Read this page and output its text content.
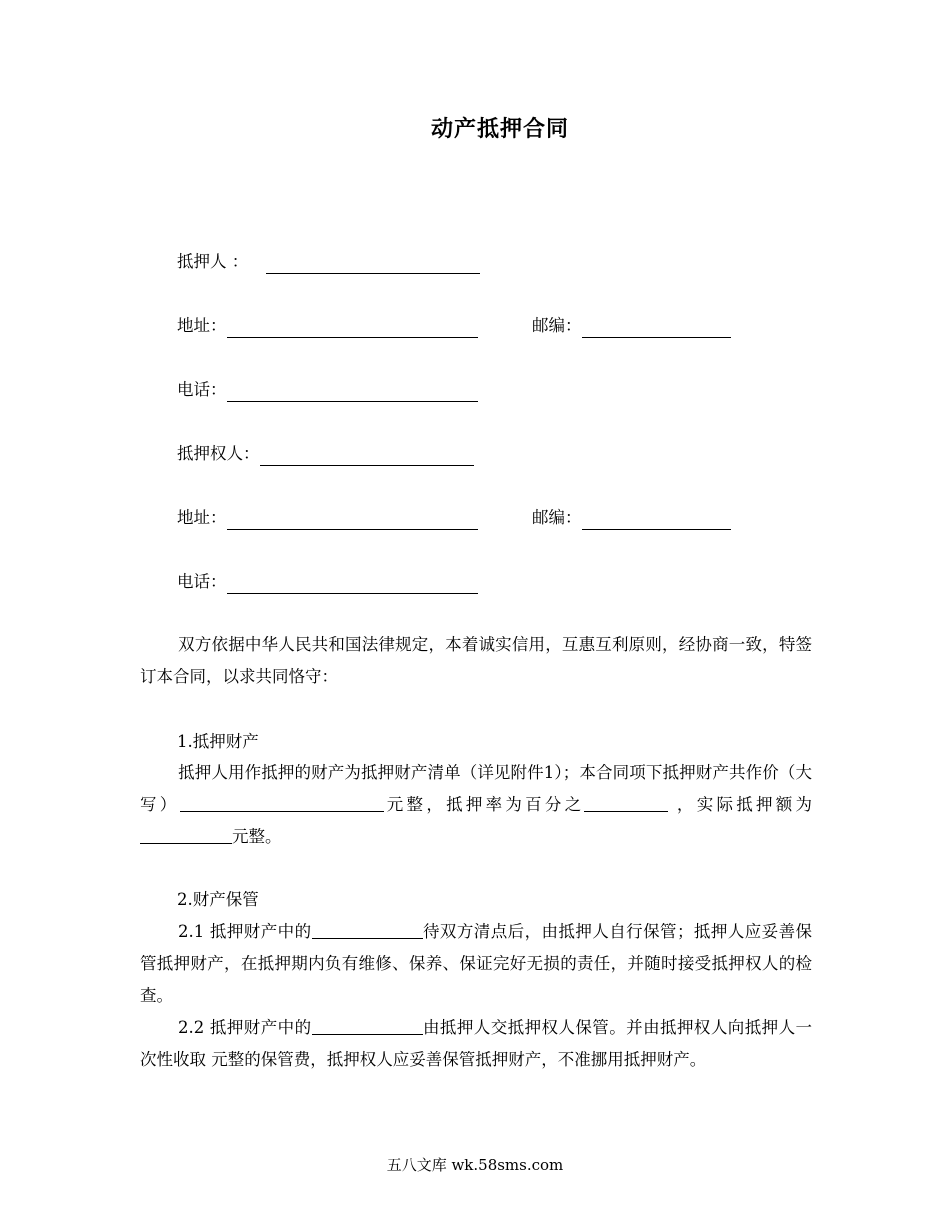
动产抵押合同
抵押人 ：
地址：	邮编：
电话：
抵押权人：
地址：	邮编：
电话：
双方依据中华人民共和国法律规定，本着诚实信用，互惠互利原则，经协商一致，特签订本合同，以求共同恪守：
1.抵押财产
抵押人用作抵押的财产为抵押财产清单（详见附件1）；本合同项下抵押财产共作价（大写）	元整，抵押率为百分之	，实际抵押额为元整。
2.财产保管
2.1 抵押财产中的	待双方清点后，由抵押人自行保管；抵押人应妥善保管抵押财产，在抵押期内负有维修、保养、保证完好无损的责任，并随时接受抵押权人的检查。
2.2 抵押财产中的	由抵押人交抵押权人保管。并由抵押权人向抵押人一次性收取 元整的保管费，抵押权人应妥善保管抵押财产，不准挪用抵押财产。
五八文库 wk.58sms.com
